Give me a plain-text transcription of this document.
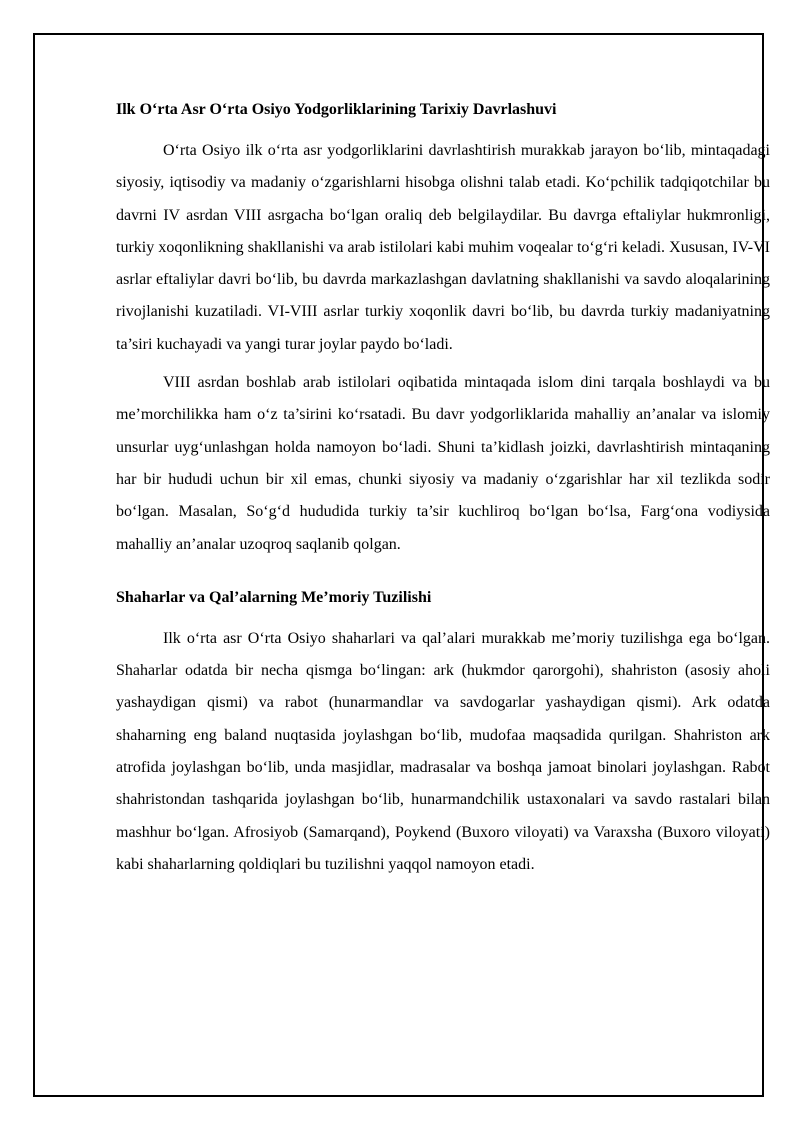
Ilk O‘rta Asr O‘rta Osiyo Yodgorliklarining Tarixiy Davrlashuvi

O‘rta Osiyo ilk o‘rta asr yodgorliklarini davrlashtirish murakkab jarayon bo‘lib, mintaqadagi siyosiy, iqtisodiy va madaniy o‘zgarishlarni hisobga olishni talab etadi. Ko‘pchilik tadqiqotchilar bu davrni IV asrdan VIII asrgacha bo‘lgan oraliq deb belgilaydilar. Bu davrga eftaliylar hukmronligi, turkiy xoqonlikning shakllanishi va arab istilolari kabi muhim voqealar to‘g‘ri keladi. Xususan, IV-VI asrlar eftaliylar davri bo‘lib, bu davrda markazlashgan davlatning shakllanishi va savdo aloqalarining rivojlanishi kuzatiladi. VI-VIII asrlar turkiy xoqonlik davri bo‘lib, bu davrda turkiy madaniyatning ta’siri kuchayadi va yangi turar joylar paydo bo‘ladi.

VIII asrdan boshlab arab istilolari oqibatida mintaqada islom dini tarqala boshlaydi va bu me’morchilikka ham o‘z ta’sirini ko‘rsatadi. Bu davr yodgorliklarida mahalliy an’analar va islomiy unsurlar uyg‘unlashgan holda namoyon bo‘ladi. Shuni ta’kidlash joizki, davrlashtirish mintaqaning har bir hududi uchun bir xil emas, chunki siyosiy va madaniy o‘zgarishlar har xil tezlikda sodir bo‘lgan. Masalan, So‘g‘d hududida turkiy ta’sir kuchliroq bo‘lgan bo‘lsa, Farg‘ona vodiysida mahalliy an’analar uzoqroq saqlanib qolgan.

Shaharlar va Qal’alarning Me’moriy Tuzilishi

Ilk o‘rta asr O‘rta Osiyo shaharlari va qal’alari murakkab me’moriy tuzilishga ega bo‘lgan. Shaharlar odatda bir necha qismga bo‘lingan: ark (hukmdor qarorgohi), shahriston (asosiy aholi yashaydigan qismi) va rabot (hunarmandlar va savdogarlar yashaydigan qismi). Ark odatda shaharning eng baland nuqtasida joylashgan bo‘lib, mudofaa maqsadida qurilgan. Shahriston ark atrofida joylashgan bo‘lib, unda masjidlar, madrasalar va boshqa jamoat binolari joylashgan. Rabot shahristondan tashqarida joylashgan bo‘lib, hunarmandchilik ustaxonalari va savdo rastalari bilan mashhur bo‘lgan. Afrosiyob (Samarqand), Poykend (Buxoro viloyati) va Varaxsha (Buxoro viloyati) kabi shaharlarning qoldiqlari bu tuzilishni yaqqol namoyon etadi.
